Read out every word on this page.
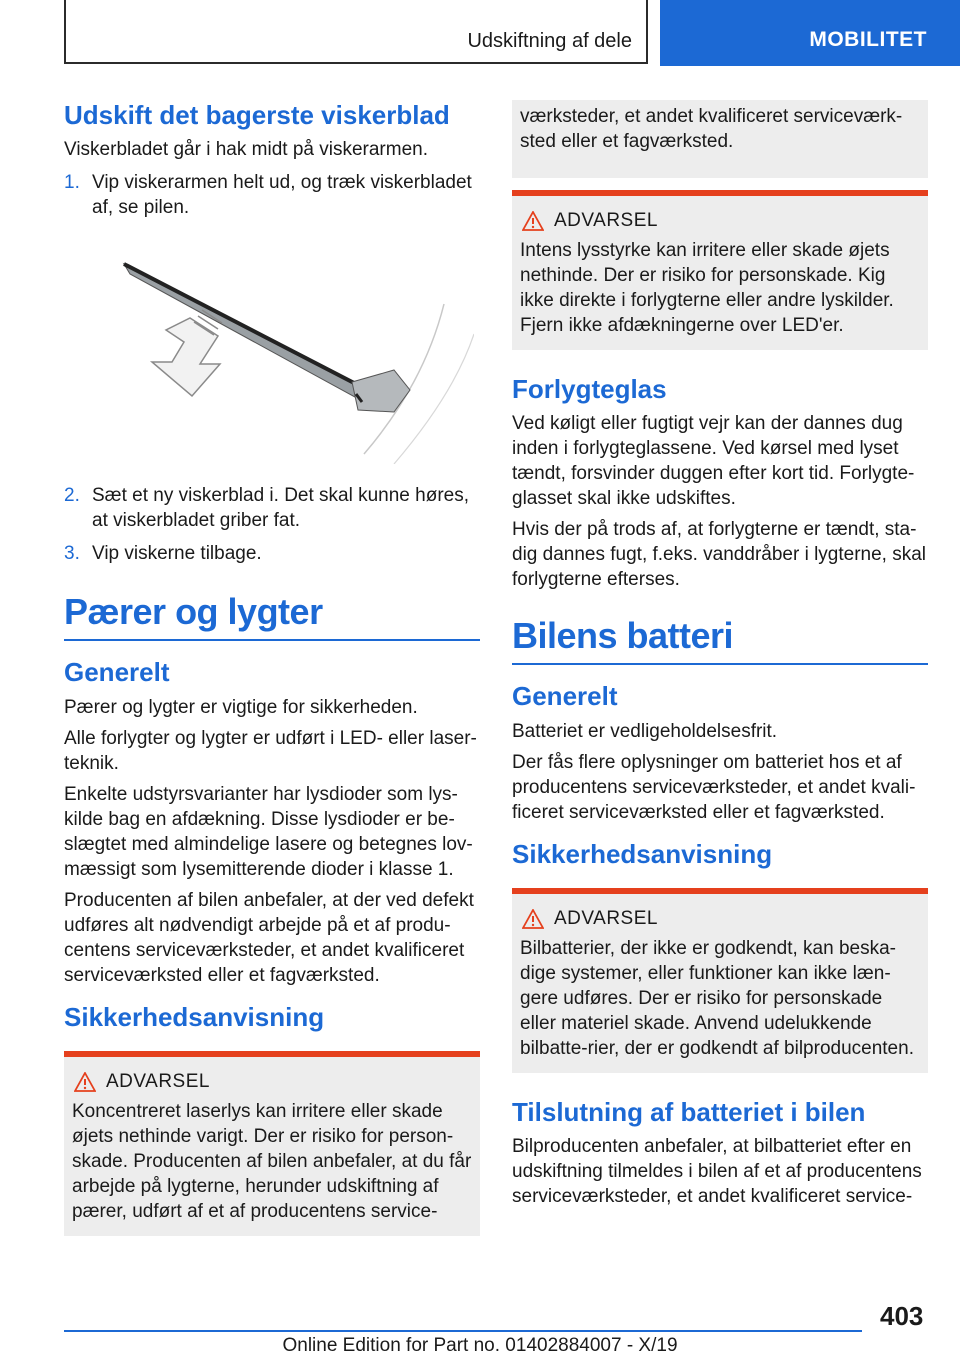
Udskiftning af dele	MOBILITET
Udskift det bagerste viskerblad

Viskerbladet går i hak midt på viskerarmen.

1. Vip viskerarmen helt ud, og træk viskerbladet af, se pilen.
2. Sæt et ny viskerblad i. Det skal kunne høres, at viskerbladet griber fat.
3. Vip viskerne tilbage.
Pærer og lygter
Generelt

Pærer og lygter er vigtige for sikkerheden.

Alle forlygter og lygter er udført i LED- eller laser-teknik.

Enkelte udstyrsvarianter har lysdioder som lys-kilde bag en afdækning. Disse lysdioder er be-slægtet med almindelige lasere og betegnes lov-mæssigt som lysemitterende dioder i klasse 1.

Producenten af bilen anbefaler, at der ved defekt udføres alt nødvendigt arbejde på et af produ-centens serviceværksteder, et andet kvalificeret serviceværksted eller et fagværksted.

Sikkerhedsanvisning
ADVARSEL

Koncentreret laserlys kan irritere eller skade øjets nethinde varigt. Der er risiko for person-skade. Producenten af bilen anbefaler, at du får arbejde på lygterne, herunder udskiftning af pærer, udført af et af producentens service-

værksteder, et andet kvalificeret serviceværk-sted eller et fagværksted.

ADVARSEL

Intens lysstyrke kan irritere eller skade øjets nethinde. Der er risiko for personskade. Kig ikke direkte i forlygterne eller andre lyskilder. Fjern ikke afdækningerne over LED'er.

Forlygteglas

Ved køligt eller fugtigt vejr kan der dannes dug inden i forlygteglassene. Ved kørsel med lyset tændt, forsvinder duggen efter kort tid. Forlygte-glasset skal ikke udskiftes.

Hvis der på trods af, at forlygterne er tændt, sta-dig dannes fugt, f.eks. vanddråber i lygterne, skal forlygterne efterses.

Bilens batteri
Generelt

Batteriet er vedligeholdelsesfrit.

Der fås flere oplysninger om batteriet hos et af producentens serviceværksteder, et andet kvali-ficeret serviceværksted eller et fagværksted.

Sikkerhedsanvisning
ADVARSEL

Bilbatterier, der ikke er godkendt, kan beska-dige systemer, eller funktioner kan ikke læn-gere udføres. Der er risiko for personskade eller materiel skade. Anvend udelukkende bilbatte-rier, der er godkendt af bilproducenten.

Tilslutning af batteriet i bilen

Bilproducenten anbefaler, at bilbatteriet efter en udskiftning tilmeldes i bilen af et af producentens serviceværksteder, et andet kvalificeret service-

403
Online Edition for Part no. 01402884007 - X/19
